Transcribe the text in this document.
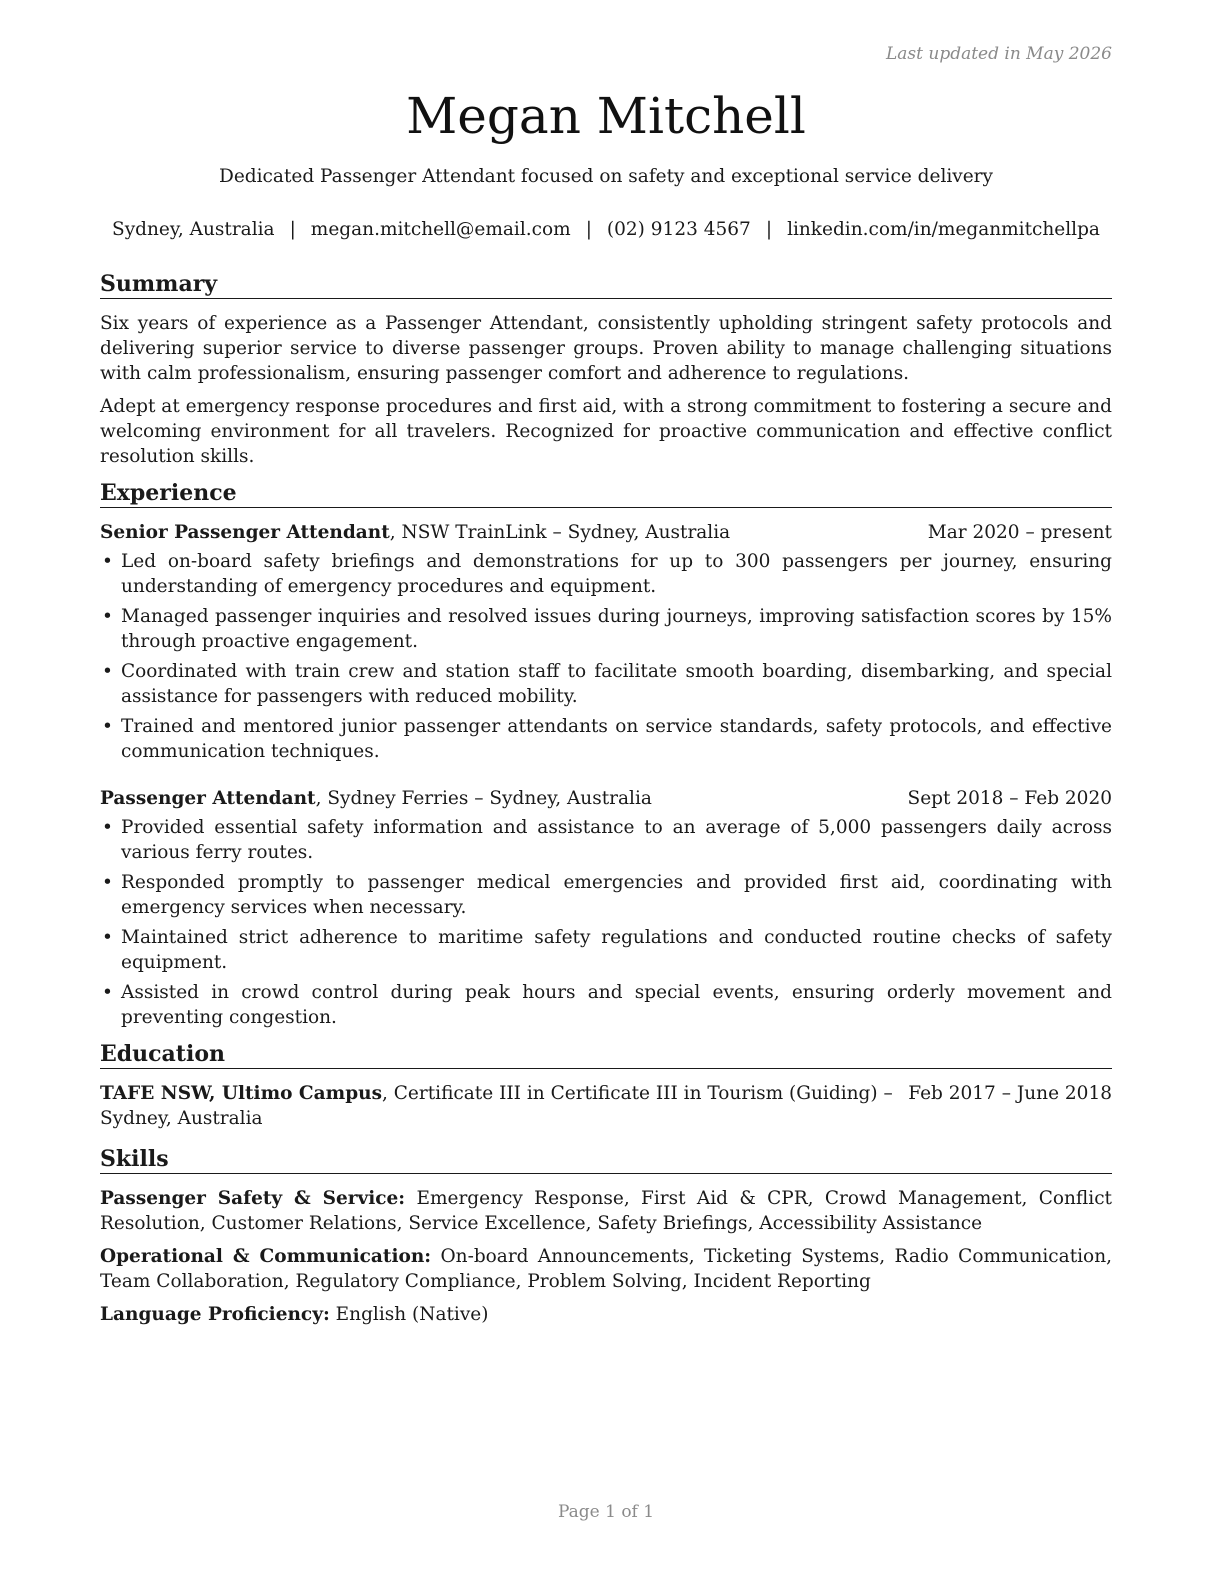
Last updated in May 2026
Megan Mitchell
Dedicated Passenger Attendant focused on safety and exceptional service delivery
Sydney, Australia | megan.mitchell@email.com | (02) 9123 4567 | linkedin.com/in/meganmitchellpa
Summary

Six years of experience as a Passenger Attendant, consistently upholding stringent safety protocols and delivering superior service to diverse passenger groups. Proven ability to manage challenging situations with calm professionalism, ensuring passenger comfort and adherence to regulations.

Adept at emergency response procedures and first aid, with a strong commitment to fostering a secure and welcoming environment for all travelers. Recognized for proactive communication and effective conflict resolution skills.

Experience
Senior Passenger Attendant, NSW TrainLink – Sydney, Australia	Mar 2020 – present
• Led on-board safety briefings and demonstrations for up to 300 passengers per journey, ensuring understanding of emergency procedures and equipment.
• Managed passenger inquiries and resolved issues during journeys, improving satisfaction scores by 15% through proactive engagement.
• Coordinated with train crew and station staff to facilitate smooth boarding, disembarking, and special assistance for passengers with reduced mobility.
• Trained and mentored junior passenger attendants on service standards, safety protocols, and effective communication techniques.
Passenger Attendant, Sydney Ferries – Sydney, Australia	Sept 2018 – Feb 2020
• Provided essential safety information and assistance to an average of 5,000 passengers daily across various ferry routes.
• Responded promptly to passenger medical emergencies and provided first aid, coordinating with emergency services when necessary.
• Maintained strict adherence to maritime safety regulations and conducted routine checks of safety equipment.
• Assisted in crowd control during peak hours and special events, ensuring orderly movement and preventing congestion.
Education
TAFE NSW, Ultimo Campus, Certificate III in Certificate III in Tourism (Guiding) – Sydney, Australia
Feb 2017 – June 2018
Skills
Passenger Safety & Service: Emergency Response, First Aid & CPR, Crowd Management, Conflict Resolution, Customer Relations, Service Excellence, Safety Briefings, Accessibility Assistance
Operational & Communication: On-board Announcements, Ticketing Systems, Radio Communication, Team Collaboration, Regulatory Compliance, Problem Solving, Incident Reporting
Language Proficiency: English (Native)
Page 1 of 1
